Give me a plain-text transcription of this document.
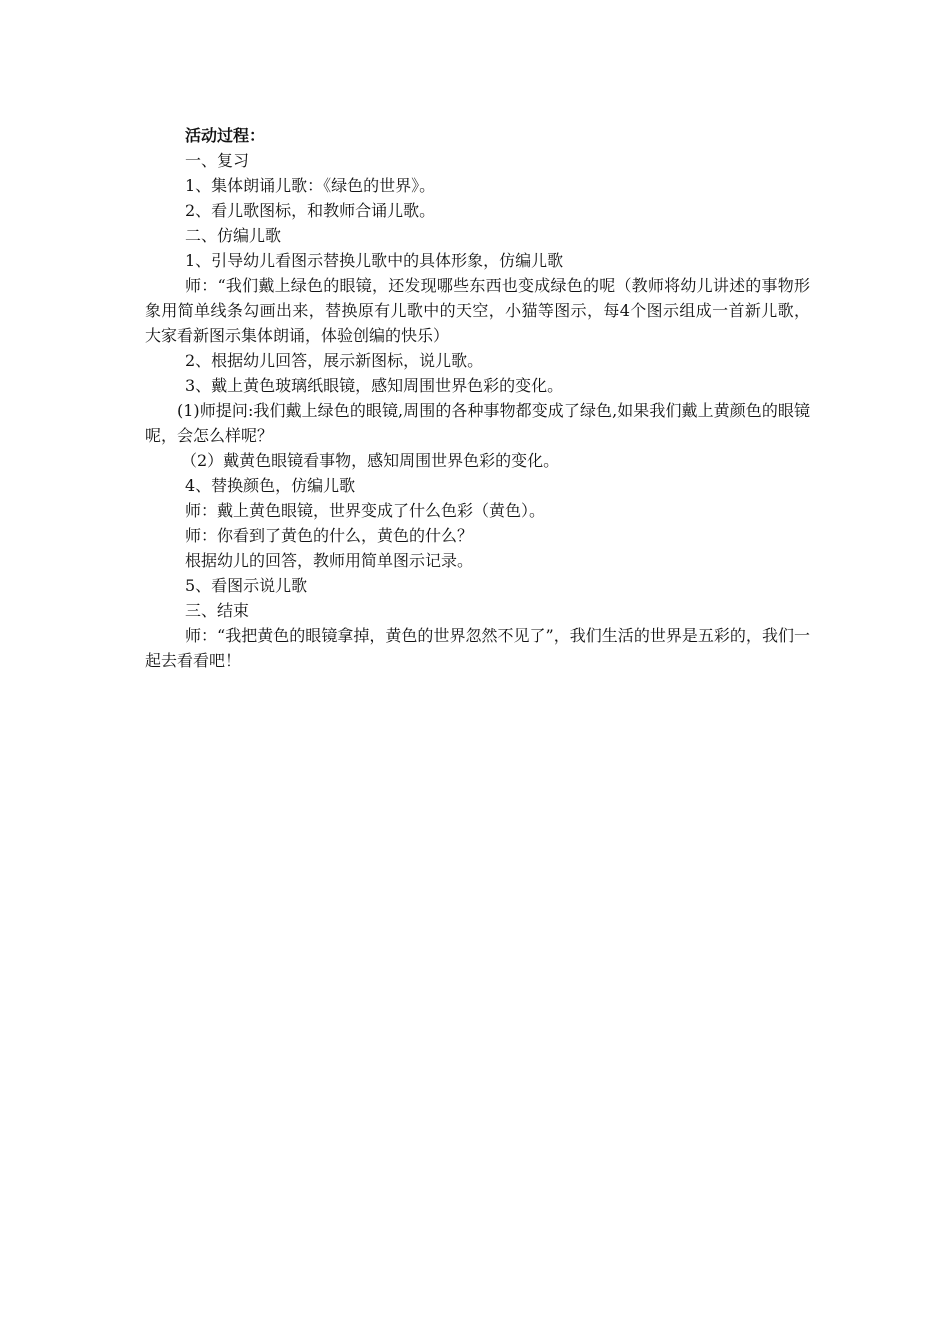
活动过程：

一、复习

1、集体朗诵儿歌：《绿色的世界》。

2、看儿歌图标，和教师合诵儿歌。

二、仿编儿歌

1、引导幼儿看图示替换儿歌中的具体形象，仿编儿歌

师：“我们戴上绿色的眼镜，还发现哪些东西也变成绿色的呢（教师将幼儿讲述的事物形象用简单线条勾画出来，替换原有儿歌中的天空，小猫等图示，每4个图示组成一首新儿歌，大家看新图示集体朗诵，体验创编的快乐）

2、根据幼儿回答，展示新图标，说儿歌。

3、戴上黄色玻璃纸眼镜，感知周围世界色彩的变化。

(1)师提问:我们戴上绿色的眼镜,周围的各种事物都变成了绿色,如果我们戴上黄颜色的眼镜呢，会怎么样呢？

（2）戴黄色眼镜看事物，感知周围世界色彩的变化。

4、替换颜色，仿编儿歌

师：戴上黄色眼镜，世界变成了什么色彩（黄色）。

师：你看到了黄色的什么，黄色的什么？

根据幼儿的回答，教师用简单图示记录。

5、看图示说儿歌

三、结束

师：“我把黄色的眼镜拿掉，黄色的世界忽然不见了”，我们生活的世界是五彩的，我们一起去看看吧！
